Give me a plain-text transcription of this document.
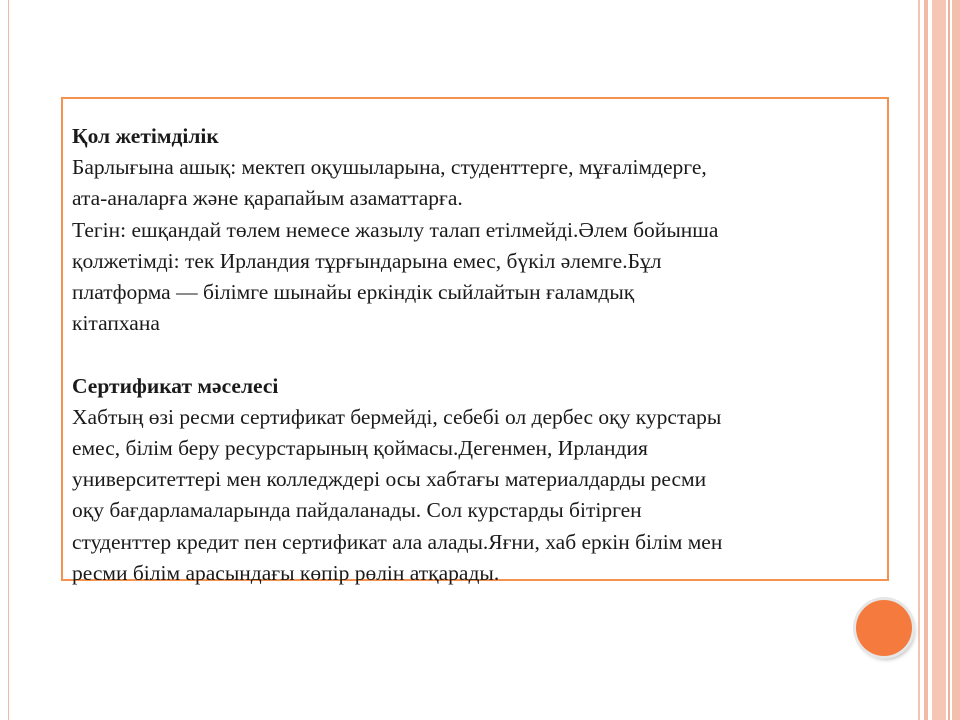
Қол жетімділік
Барлығына ашық: мектеп оқушыларына, студенттерге, мұғалімдерге,
ата-аналарға және қарапайым азаматтарға.
Тегін: ешқандай төлем немесе жазылу талап етілмейді.Әлем бойынша
қолжетімді: тек Ирландия тұрғындарына емес, бүкіл әлемге.Бұл
платформа — білімге шынайы еркіндік сыйлайтын ғаламдық
кітапхана
Сертификат мәселесі
Хабтың өзі ресми сертификат бермейді, себебі ол дербес оқу курстары
емес, білім беру ресурстарының қоймасы.Дегенмен, Ирландия
университеттері мен колледждері осы хабтағы материалдарды ресми
оқу бағдарламаларында пайдаланады. Сол курстарды бітірген
студенттер кредит пен сертификат ала алады.Яғни, хаб еркін білім мен
ресми білім арасындағы көпір рөлін атқарады.
